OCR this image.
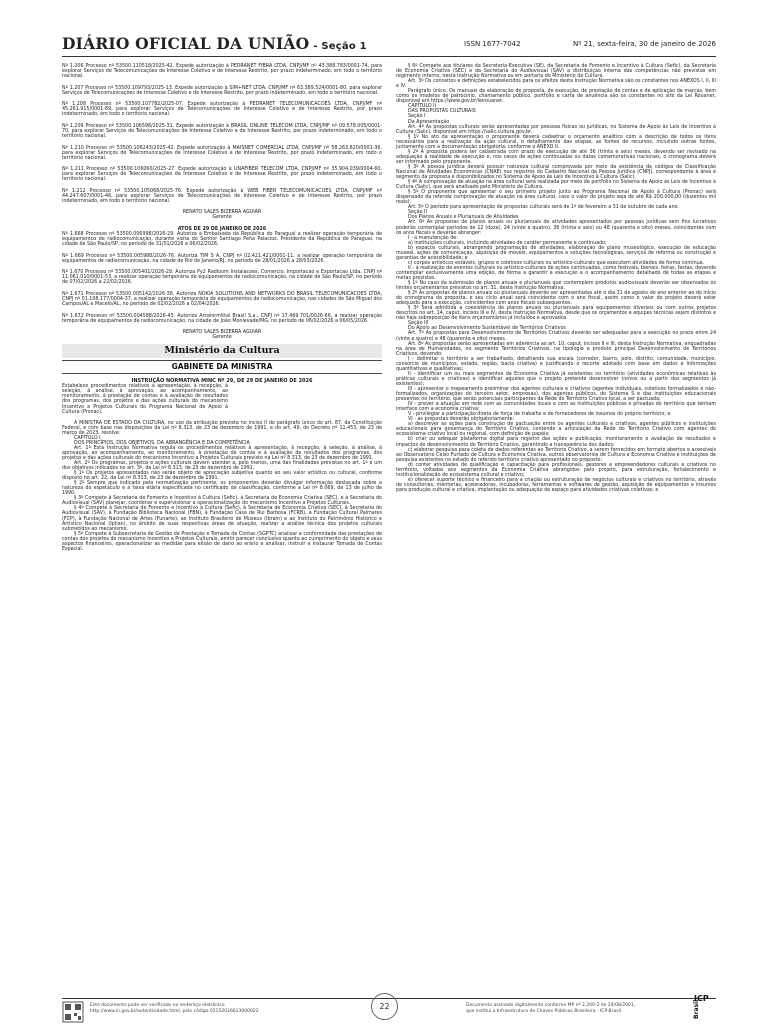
DIÁRIO OFICIAL DA UNIÃO - Seção 1	ISSN 1677-7042	Nº 21, sexta-feira, 30 de janeiro de 2026

Nº 1.206 Processo nº 53500.110518/2025-42. Expede autorização à PEDRANET FIBRA LTDA, CNPJ/MF nº 43.388.783/0001-74, para explorar Serviços de Telecomunicações de Interesse Coletivo e de Interesse Restrito, por prazo indeterminado, em todo o território nacional.

Nº 1.207 Processo nº 53500.109793/2025-13. Expede autorização à SIM+NET LTDA, CNPJ/MF nº 63.389.524/0001-80, para explorar Serviços de Telecomunicações de Interesse Coletivo e de Interesse Restrito, por prazo indeterminado, em todo o território nacional.

Nº 1.208 Processo nº 53500.107782/2025-07. Expede autorização à PEDRANET TELECOMUNICACOES LTDA, CNPJ/MF nº 45.261.915/0001-89, para explorar Serviços de Telecomunicações de Interesse Coletivo e de Interesse Restrito, por prazo indeterminado, em todo o território nacional.

Nº 1.209 Processo nº 53500.106598/2025-31. Expede autorização à BRASIL ONLINE TELECOM LTDA, CNPJ/MF nº 09.578.005/0001-70, para explorar Serviços de Telecomunicações de Interesse Coletivo e de Interesse Restrito, por prazo indeterminado, em todo o território nacional.

Nº 1.210 Processo nº 53500.106243/2025-42. Expede autorização à MAISNET COMERCIAL LTDA, CNPJ/MF nº 58.263.820/0001-36, para explorar Serviços de Telecomunicações de Interesse Coletivo e de Interesse Restrito, por prazo indeterminado, em todo o território nacional.

Nº 1.211 Processo nº 53500.106060/2025-27. Expede autorização à UNAFIBER TELECOM LTDA, CNPJ/MF nº 35.904.039/0004-60, para explorar Serviços de Telecomunicações de Interesse Coletivo e de Interesse Restrito, por prazo indeterminado, em todo o território nacional.

Nº 1.212 Processo nº 53500.105068/2025-76. Expede autorização à WEB FIBER TELECOMUNICACOES LTDA, CNPJ/MF nº 44.247.607/0001-46, para explorar Serviços de Telecomunicações de Interesse Coletivo e de Interesse Restrito, por prazo indeterminado, em todo o território nacional.

RENATO SALES BIZERRA AGUIAR

Gerente

ATOS DE 29 DE JANEIRO DE 2026

Nº 1.668 Processo nº 53500.006998/2026-29. Autoriza a Embaixada da República do Paraguai a realizar operação temporária de equipamentos de radiocomunicação, durante visita do Senhor Santiago Peña Palacios, Presidente da República do Paraguai, na cidade de São Paulo/SP, no período de 31/01/2026 a 06/02/2026.

Nº 1.669 Processo nº 53500.005988/2026-76. Autoriza TIM S A, CNPJ nº 02.421.421/0001-11, a realizar operação temporária de equipamentos de radiocomunicação, na cidade de Rio de Janeiro/RJ, no período de 28/01/2026 a 28/03/2026.

Nº 1.670 Processo nº 53500.005401/2026-29. Autoriza Py2 Radioom Instalacoes, Comercio, Importacao e Exportacao Ltda, CNPJ nº 11.061.010/0001-53, a realizar operação temporária de equipamentos de radiocomunicação, na cidade de São Paulo/SP, no período de 07/02/2026 a 22/02/2026.

Nº 1.671 Processo nº 53500.005142/2026-36. Autoriza NOKIA SOLUTIONS AND NETWORKS DO BRASIL TELECOMUNICACOES LTDA, CNPJ nº 01.108.177/0004-37, a realizar operação temporária de equipamentos de radiocomunicação, nas cidades de São Miguel dos Campos/AL e Maceió/AL, no período de 02/02/2026 a 02/04/2026.

Nº 1.672 Processo nº 53500.004588/2026-43. Autoriza Arcelormittal Brasil S.a., CNPJ nº 17.469.701/0026-66, a realizar operação temporária de equipamentos de radiocomunicação, na cidade de João Monlevade/MG, no período de 06/02/2026 a 06/05/2026.

RENATO SALES BIZERRA AGUIAR

Gerente

Ministério da Cultura
GABINETE DA MINISTRA

INSTRUÇÃO NORMATIVA MINC Nº 29, DE 29 DE JANEIRO DE 2026

Estabelece procedimentos relativos à apresentação, à recepção, à seleção, à análise, à aprovação, ao acompanhamento, ao monitoramento, à prestação de contas e à avaliação de resultados dos programas, dos projetos e das ações culturais do mecanismo Incentivo a Projetos Culturais do Programa Nacional de Apoio à Cultura (Pronac).

A MINISTRA DE ESTADO DA CULTURA, no uso da atribuição prevista no inciso II do parágrafo único do art. 87, da Constituição Federal, e com base nas disposições da Lei nº 8.313, de 23 de dezembro de 1991, e do art. 49, do Decreto nº 11.453, de 23 de março de 2023, resolve:

CAPÍTULO I

DOS PRINCÍPIOS, DOS OBJETIVOS, DA ABRANGÊNCIA E DA COMPETÊNCIA

Art. 1º Esta Instrução Normativa regula os procedimentos relativos à apresentação, à recepção, à seleção, à análise, à aprovação, ao acompanhamento, ao monitoramento, à prestação de contas e à avaliação de resultados dos programas, dos projetos e das ações culturais do mecanismo Incentivo a Projetos Culturais previsto na Lei nº 8.313, de 23 de dezembro de 1991.

Art. 2º Os programas, projetos e ações culturais devem atender a, pelo menos, uma das finalidades previstas no art. 1º e um dos objetivos indicados no art. 3º, da Lei nº 8.313, de 23 de dezembro de 1991.

§ 1º Os projetos apresentados não serão objeto de apreciação subjetiva quanto ao seu valor artístico ou cultural, conforme disposto no art. 22, da Lei nº 8.313, de 23 de dezembro de 1991.

§ 2º Sempre que indicado pela normatização pertinente, os proponentes deverão divulgar informação destacada sobre a natureza do espetáculo e a faixa etária especificada no certificado de classificação, conforme a Lei nº 8.069, de 13 de julho de 1990.

§ 3º Compete à Secretaria de Fomento e Incentivo à Cultura (Sefic), à Secretaria de Economia Criativa (SEC), e à Secretaria do Audiovisual (SAV) planejar, coordenar e supervisionar a operacionalização do mecanismo Incentivo a Projetos Culturais.

§ 4º Compete à Secretaria de Fomento e Incentivo à Cultura (Sefic), à Secretaria de Economia Criativa (SEC), à Secretaria do Audiovisual (SAV), à Fundação Biblioteca Nacional (FBN), à Fundação Casa de Rui Barbosa (FCRB), à Fundação Cultural Palmares (FCP), à Fundação Nacional de Artes (Funarte), ao Instituto Brasileiro de Museus (Ibram) e ao Instituto do Patrimônio Histórico e Artístico Nacional (Iphan), no âmbito de suas respectivas áreas de atuação, realizar a análise técnica dos projetos culturais submetidos ao mecanismo.

§ 5º Compete à Subsecretaria de Gestão de Prestação e Tomada de Contas (SGPTC) analisar a conformidade das prestações de contas dos projetos do mecanismo Incentivo a Projetos Culturais, emitir parecer conclusivo quanto ao cumprimento do objeto e seus aspectos financeiros, operacionalizar as medidas para elisão de dano ao erário e analisar, instruir e instaurar Tomada de Contas Especial.

§ 6º Compete aos titulares da Secretaria-Executiva (SE), da Secretaria de Fomento e Incentivo à Cultura (Sefic), da Secretaria de Economia Criativa (SEC) e da Secretaria do Audiovisual (SAV) a distribuição interna das competências não previstas em regimento interno, nesta Instrução Normativa ou em portaria do Ministério da Cultura.

Art. 3º Os conceitos e definições estabelecidos para os efeitos desta Instrução Normativa são os constantes nos ANEXOS I, II, III e IV.

Parágrafo único. Os manuais de elaboração de proposta, de execução, de prestação de contas e de aplicação de marcas, bem como os modelos de patrocínio, chamamento público, portfólio e carta de anuência são os constantes no site da Lei Rouanet, disponível em https://www.gov.br/leirouanet.

CAPÍTULO II

DAS PROPOSTAS CULTURAIS

Seção I

Da Apresentação

Art. 4º As propostas culturais serão apresentadas por pessoas físicas ou jurídicas, no Sistema de Apoio às Leis de Incentivo à Cultura (Salic), disponível em https://salic.cultura.gov.br.

§ 1º No ato da apresentação o proponente deverá cadastrar o orçamento analítico com a descrição de todos os itens necessários para a realização da ação cultural, o detalhamento das etapas, as fontes de recursos, incluindo outras fontes, juntamente com a documentação obrigatória, conforme o ANEXO II.

§ 2º A proposta poderá ser cadastrada com prazo de execução de até 36 (trinta e seis) meses, devendo ser revisado na adequação à realidade de execução e, nos casos de ações continuadas ou datas comemorativas nacionais, o cronograma deverá ser informado pelo proponente.

§ 3º A pessoa jurídica deverá possuir natureza cultural comprovada por meio da existência de códigos de Classificação Nacional de Atividades Econômicas (CNAE) nos registros do Cadastro Nacional da Pessoa Jurídica (CNPJ), correspondente à área e segmento da proposta e disponibilizados no Sistema de Apoio às Leis de Incentivo à Cultura (Salic).

§ 4º A comprovação de atuação na área cultural será realizada por meio de portfólio no Sistema de Apoio às Leis de Incentivo à Cultura (Salic), que será analisado pelo Ministério da Cultura.

§ 5º O proponente que apresentar o seu primeiro projeto junto ao Programa Nacional de Apoio à Cultura (Pronac) será dispensado da referida comprovação de atuação na área cultural, caso o valor do projeto seja de até R$ 200.000,00 (duzentos mil reais).

Art. 5º O período para apresentação de propostas culturais será de 1º de fevereiro a 31 de outubro de cada ano.

Seção II

Dos Planos Anuais e Plurianuais de Atividades

Art. 6º As propostas de planos anuais ou plurianuais de atividades apresentados por pessoas jurídicas sem fins lucrativos poderão contemplar períodos de 12 (doze), 24 (vinte e quatro), 36 (trinta e seis) ou 48 (quarenta e oito) meses, coincidentes com os anos fiscais e deverão abranger:

I - a manutenção de:

a) instituições culturais, incluindo atividades de caráter permanente e continuado;

b) espaços culturais, abrangendo programação de atividades, elaboração de plano museológico, execução de educação museal, ações de comunicação, aquisição de móveis, equipamentos e soluções tecnológicas, serviços de reforma ou construção e garantias de acessibilidade; e

c) corpos artísticos estáveis, grupos e coletivos culturais ou artístico-culturais que executem atividades de forma contínua.

II - a realização de eventos culturais ou artístico-culturais de ações continuadas, como festivais, bienais, feiras, festas, devendo contemplar exclusivamente uma edição, de forma a garantir a execução e o acompanhamento detalhado de todas as etapas e metas previstas.

§ 1º No caso da submissão de planos anuais e plurianuais que contemplem produtos audiovisuais deverão ser observados os limites orçamentários previstos no art. 31, desta Instrução Normativa.

§ 2º As propostas de planos anuais ou plurianuais deverão ser apresentadas até o dia 31 de agosto do ano anterior ao do início do cronograma da proposta, e seu ciclo anual será coincidente com o ano fiscal, assim como o valor do projeto deverá estar adequado para a execução, coincidentes com anos fiscais subsequentes.

§ 3º Será admitida a coexistência de planos anuais ou plurianuais para equipamentos diversos ou com outros projetos descritos no art. 14, caput, incisos III e IV, desta Instrução Normativa, desde que os orçamentos e equipes técnicas sejam distintos e não haja sobreposição de itens orçamentários já incluídos e aprovados.

Seção III

Do Apoio ao Desenvolvimento Sustentável de Territórios Criativos

Art. 7º As propostas para Desenvolvimento de Territórios Criativos deverão ser adequadas para a execução no prazo entre 24 (vinte e quatro) e 48 (quarenta e oito) meses.

Art. 8º As propostas serão apresentadas em aderência ao art. 10, caput, incisos II e III, desta Instrução Normativa, enquadradas na área de Humanidades, no segmento Territórios Criativos, na tipologia e produto principal Desenvolvimento de Territórios Criativos, devendo:

I - delimitar o território a ser trabalhado, detalhando sua escala (corredor, bairro, polo, distrito, comunidade, município, consórcio de municípios, estado, região, bacia criativa) e justificando o recorte adotado com base em dados e informações quantitativas e qualitativas;

II - identificar um ou mais segmentos da Economia Criativa já existentes no território (atividades econômicas relativas às práticas culturais e criativas) e identificar aqueles que o projeto pretende desenvolver (novos ou a partir dos segmentos já existentes);

III - apresentar o mapeamento preliminar dos agentes culturais e criativos (agentes individuais, coletivos formalizados e não-formalizados, organizações do terceiro setor, empresas), dos agentes públicos, do Sistema S e das instituições educacionais presentes no território, que serão potenciais participantes da Rede do Território Criativo local, a ser pactuada;

IV - prever a atuação em rede com as comunidades locais e com as instituições públicas e privadas do território que tenham interface com a economia criativa;

V - privilegiar a participação direta de força de trabalho e de fornecedores de insumos do próprio território; e

VI - as propostas deverão obrigatoriamente:

a) descrever as ações para construção de pactuação entre os agentes culturais e criativos, agentes públicos e instituições educacionais para governança do Território Criativo, contendo a articulação da Rede do Território Criativo com agentes do ecossistema criativo local ou regional, com definição de papéis;

b) criar ou adequar plataforma digital para registro das ações e publicação, monitoramento e avaliação de resultados e impactos do desenvolvimento do Território Criativo, garantindo a transparência dos dados;

c) elaborar pesquisa para coleta de dados referentes ao Território Criativo, a serem fornecidos em formato abertos e acessíveis ao Observatório Celso Furtado de Cultura e Economia Criativa, outros observatórios de Cultura e Economia Criativa e instituições de pesquisa existentes no estado do referido território criativo apresentado no proposto;

d) conter atividades de qualificação e capacitação para profissionais, gestores e empreendedores culturais e criativos no território, voltadas aos segmentos da Economia Criativa abrangidos pelo projeto, para estruturação, fortalecimento e institucionalização do ecossistema cultural e criativo;

e) oferecer suporte técnico e financeiro para a criação ou estruturação de negócios culturais e criativos no território, através de consultorias, mentorias, aceleradoras, incubadoras, ferramentas e softwares de gestão, aquisição de equipamentos e insumos para produção cultural e criativa, implantação ou adequação de espaço para atividades criativas coletivas; e

Este documento pode ser verificado no endereço eletrônico
http://www.in.gov.br/autenticidade.html, pelo código 05152026013000022	22	Documento assinado digitalmente conforme MP nº 2.200-2 de 24/08/2001,
que institui a Infraestrutura de Chaves Públicas Brasileira - ICP-Brasil.
ICP
Brasil
